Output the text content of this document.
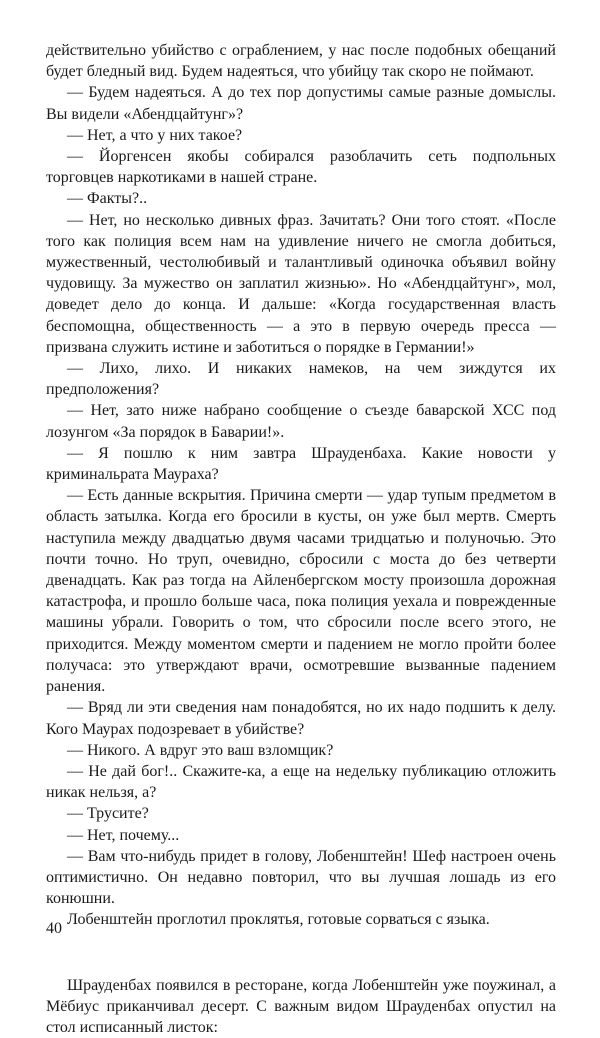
действительно убийство с ограблением, у нас после подобных обещаний будет бледный вид. Будем надеяться, что убийцу так скоро не поймают.

— Будем надеяться. А до тех пор допустимы самые разные домыслы. Вы видели «Абендцайтунг»?

— Нет, а что у них такое?

— Йоргенсен якобы собирался разоблачить сеть подпольных торговцев наркотиками в нашей стране.

— Факты?..

— Нет, но несколько дивных фраз. Зачитать? Они того стоят. «После того как полиция всем нам на удивление ничего не смогла добиться, мужественный, честолюбивый и талантливый одиночка объявил войну чудовищу. За мужество он заплатил жизнью». Но «Абендцайтунг», мол, доведет дело до конца. И дальше: «Когда государственная власть беспомощна, общественность — а это в первую очередь пресса — призвана служить истине и заботиться о порядке в Германии!»

— Лихо, лихо. И никаких намеков, на чем зиждутся их предположения?

— Нет, зато ниже набрано сообщение о съезде баварской ХСС под лозунгом «За порядок в Баварии!».

— Я пошлю к ним завтра Шрауденбаха. Какие новости у криминальрата Маураха?

— Есть данные вскрытия. Причина смерти — удар тупым предметом в область затылка. Когда его бросили в кусты, он уже был мертв. Смерть наступила между двадцатью двумя часами тридцатью и полуночью. Это почти точно. Но труп, очевидно, сбросили с моста до без четверти двенадцать. Как раз тогда на Айленбергском мосту произошла дорожная катастрофа, и прошло больше часа, пока полиция уехала и поврежденные машины убрали. Говорить о том, что сбросили после всего этого, не приходится. Между моментом смерти и падением не могло пройти более получаса: это утверждают врачи, осмотревшие вызванные падением ранения.

— Вряд ли эти сведения нам понадобятся, но их надо подшить к делу. Кого Маурах подозревает в убийстве?

— Никого. А вдруг это ваш взломщик?

— Не дай бог!.. Скажите-ка, а еще на недельку публикацию отложить никак нельзя, а?

— Трусите?

— Нет, почему...

— Вам что-нибудь придет в голову, Лобенштейн! Шеф настроен очень оптимистично. Он недавно повторил, что вы лучшая лошадь из его конюшни.

Лобенштейн проглотил проклятья, готовые сорваться с языка.

Шрауденбах появился в ресторане, когда Лобенштейн уже поужинал, а Мёбиус приканчивал десерт. С важным видом Шрауденбах опустил на стол исписанный листок:

40
